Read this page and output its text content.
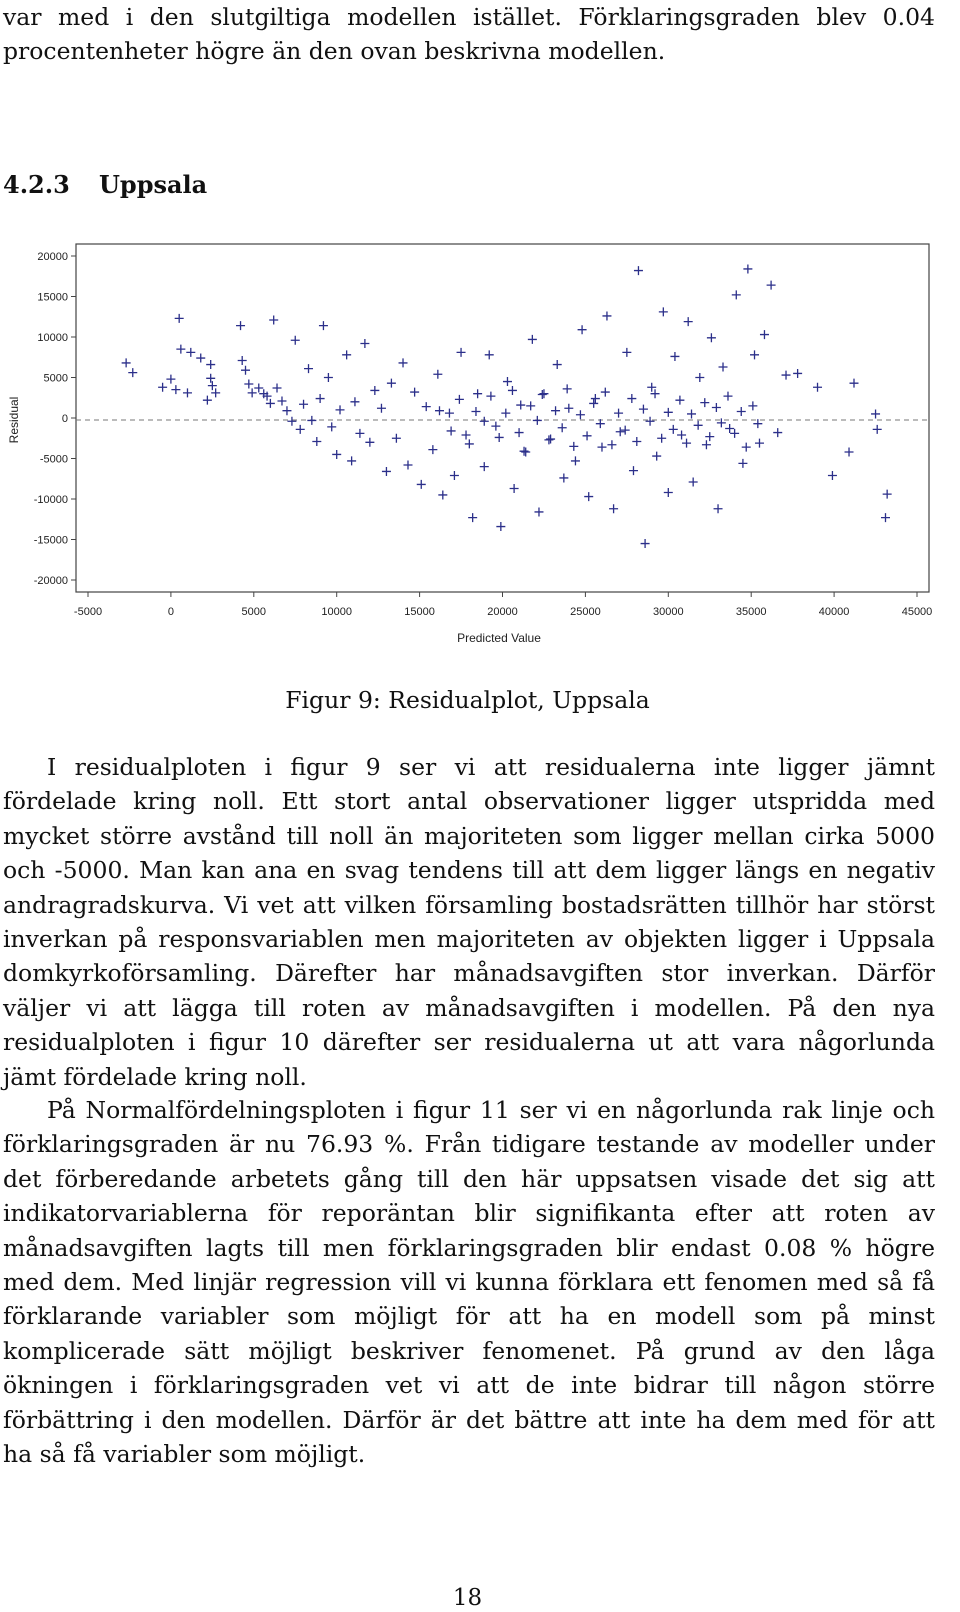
var med i den slutgiltiga modellen istället. Förklaringsgraden blev 0.04 procentenheter högre än den ovan beskrivna modellen.

4.2.3 Uppsala
-20000
-15000
-10000
-5000
0
5000
10000
15000
20000
-5000	0	5000	10000	15000	20000	25000	30000	35000	40000	45000
Predicted Value
Residual
Figur 9: Residualplot, Uppsala

I residualploten i figur 9 ser vi att residualerna inte ligger jämnt fördelade kring noll. Ett stort antal observationer ligger utspridda med mycket större avstånd till noll än majoriteten som ligger mellan cirka 5000 och -5000. Man kan ana en svag tendens till att dem ligger längs en negativ andragradskurva. Vi vet att vilken församling bostadsrätten tillhör har störst inverkan på responsvariablen men majoriteten av objekten ligger i Uppsala domkyrkoförsamling. Därefter har månadsavgiften stor inverkan. Därför väljer vi att lägga till roten av månadsavgiften i modellen. På den nya residualploten i figur 10 därefter ser residualerna ut att vara någorlunda jämt fördelade kring noll.

På Normalfördelningsploten i figur 11 ser vi en någorlunda rak linje och förklaringsgraden är nu 76.93 %. Från tidigare testande av modeller under det förberedande arbetets gång till den här uppsatsen visade det sig att indikatorvariablerna för reporäntan blir signifikanta efter att roten av månadsavgiften lagts till men förklaringsgraden blir endast 0.08 % högre med dem. Med linjär regression vill vi kunna förklara ett fenomen med så få förklarande variabler som möjligt för att ha en modell som på minst komplicerade sätt möjligt beskriver fenomenet. På grund av den låga ökningen i förklaringsgraden vet vi att de inte bidrar till någon större förbättring i den modellen. Därför är det bättre att inte ha dem med för att ha så få variabler som möjligt.

18
